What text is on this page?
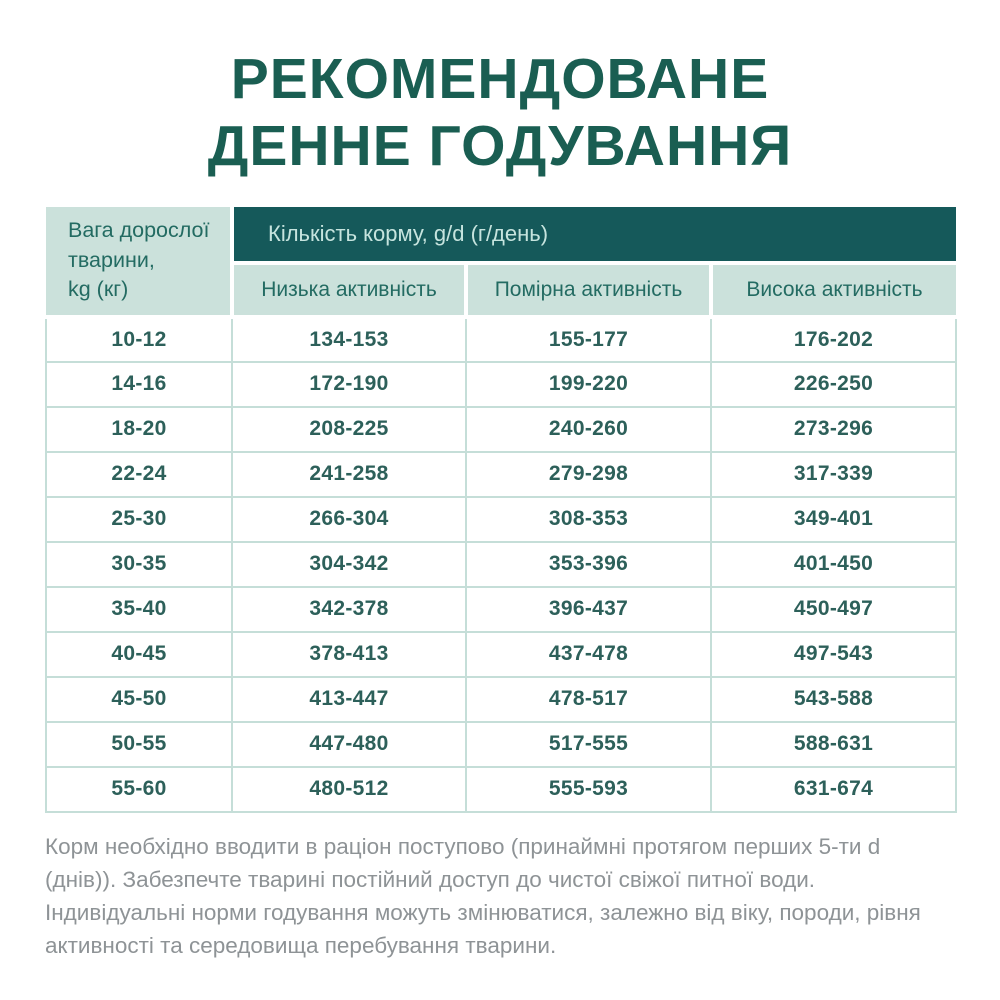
РЕКОМЕНДОВАНЕ
ДЕННЕ ГОДУВАННЯ
Вага дорослої
тварини,
kg (кг)	Кількість корму, g/d (г/день)		
	Низька активність	Помірна активність	Висока активність
10-12	134-153	155-177	176-202
14-16	172-190	199-220	226-250
18-20	208-225	240-260	273-296
22-24	241-258	279-298	317-339
25-30	266-304	308-353	349-401
30-35	304-342	353-396	401-450
35-40	342-378	396-437	450-497
40-45	378-413	437-478	497-543
45-50	413-447	478-517	543-588
50-55	447-480	517-555	588-631
55-60	480-512	555-593	631-674

Корм необхідно вводити в раціон поступово (принаймні протягом перших 5-ти d (днів)). Забезпечте тварині постійний доступ до чистої свіжої питної води. Індивідуальні норми годування можуть змінюватися, залежно від віку, породи, рівня активності та середовища перебування тварини.
